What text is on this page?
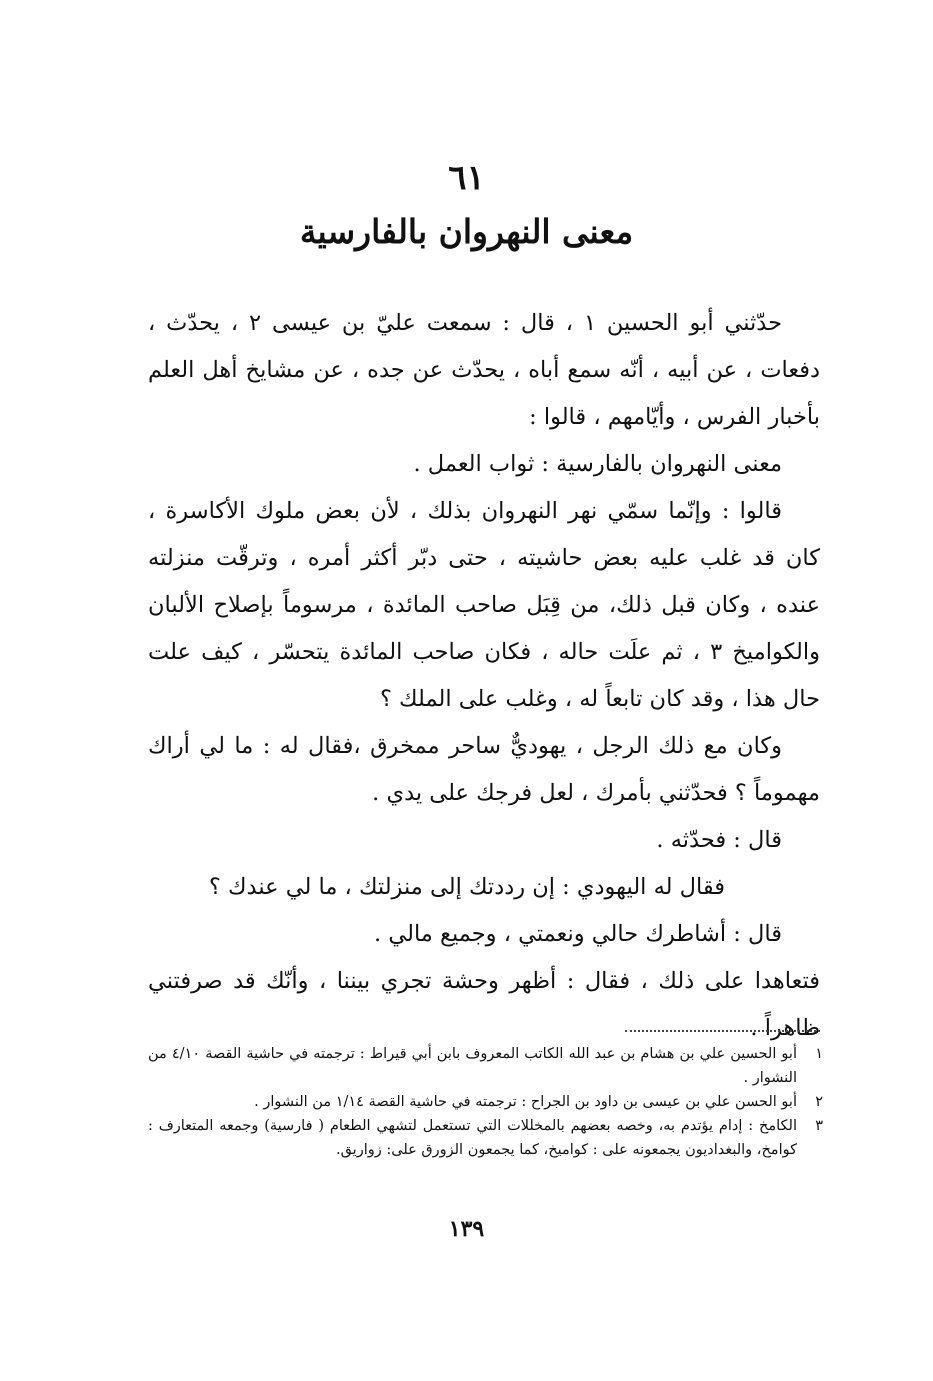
٦١
معنى النهروان بالفارسية

حدّثني أبو الحسين ١ ، قال : سمعت عليّ بن عيسى ٢ ، يحدّث ، دفعات ، عن أبيه ، أنّه سمع أباه ، يحدّث عن جده ، عن مشايخ أهل العلم بأخبار الفرس ، وأيّامهم ، قالوا :

معنى النهروان بالفارسية : ثواب العمل .

قالوا : وإنّما سمّي نهر النهروان بذلك ، لأن بعض ملوك الأكاسرة ، كان قد غلب عليه بعض حاشيته ، حتى دبّر أكثر أمره ، وترقّت منزلته عنده ، وكان قبل ذلك، من قِبَل صاحب المائدة ، مرسوماً بإصلاح الألبان والكواميخ ٣ ، ثم علَت حاله ، فكان صاحب المائدة يتحسّر ، كيف علت حال هذا ، وقد كان تابعاً له ، وغلب على الملك ؟

وكان مع ذلك الرجل ، يهوديٌّ ساحر ممخرق ،فقال له : ما لي أراك مهموماً ؟ فحدّثني بأمرك ، لعل فرجك على يدي .

قال : فحدّثه .

فقال له اليهودي : إن رددتك إلى منزلتك ، ما لي عندك ؟

قال : أشاطرك حالي ونعمتي ، وجميع مالي .

فتعاهدا على ذلك ، فقال : أظهر وحشة تجري بيننا ، وأنّك قد صرفتني ظاهراً .

١
أبو الحسين علي بن هشام بن عبد الله الكاتب المعروف بابن أبي قيراط : ترجمته في حاشية القصة ٤/١٠ من النشوار .
٢
أبو الحسن علي بن عيسى بن داود بن الجراح : ترجمته في حاشية القصة ١/١٤ من النشوار .
٣
الكامخ : إدام يؤتدم به، وخصه بعضهم بالمخللات التي تستعمل لتشهي الطعام ( فارسية) وجمعه المتعارف : كوامخ، والبغداديون يجمعونه على : كواميخ، كما يجمعون الزورق على: زواريق.
١٣٩
